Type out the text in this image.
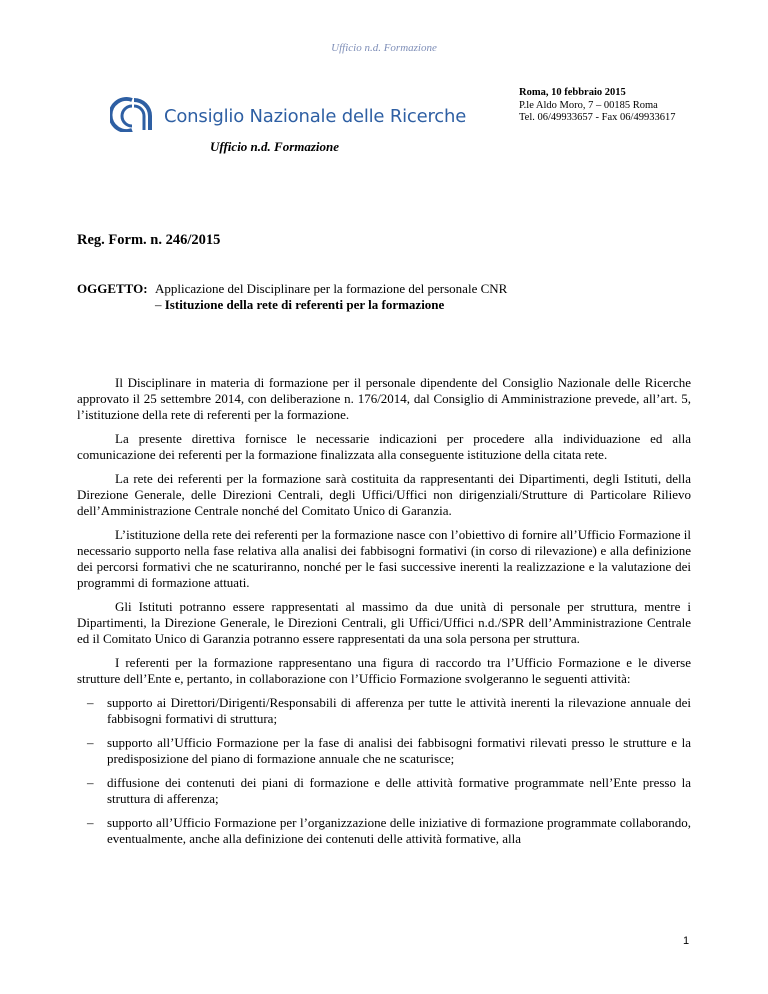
Ufficio n.d. Formazione
Consiglio Nazionale delle Ricerche
Ufficio n.d. Formazione
Roma, 10 febbraio 2015
P.le Aldo Moro, 7 – 00185 Roma
Tel. 06/49933657 - Fax 06/49933617
Reg. Form. n. 246/2015
OGGETTO: Applicazione del Disciplinare per la formazione del personale CNR – Istituzione della rete di referenti per la formazione

Il Disciplinare in materia di formazione per il personale dipendente del Consiglio Nazionale delle Ricerche approvato il 25 settembre 2014, con deliberazione n. 176/2014, dal Consiglio di Amministrazione prevede, all’art. 5, l’istituzione della rete di referenti per la formazione.

La presente direttiva fornisce le necessarie indicazioni per procedere alla individuazione ed alla comunicazione dei referenti per la formazione finalizzata alla conseguente istituzione della citata rete.

La rete dei referenti per la formazione sarà costituita da rappresentanti dei Dipartimenti, degli Istituti, della Direzione Generale, delle Direzioni Centrali, degli Uffici/Uffici non dirigenziali/Strutture di Particolare Rilievo dell’Amministrazione Centrale nonché del Comitato Unico di Garanzia.

L’istituzione della rete dei referenti per la formazione nasce con l’obiettivo di fornire all’Ufficio Formazione il necessario supporto nella fase relativa alla analisi dei fabbisogni formativi (in corso di rilevazione) e alla definizione dei percorsi formativi che ne scaturiranno, nonché per le fasi successive inerenti la realizzazione e la valutazione dei programmi di formazione attuati.

Gli Istituti potranno essere rappresentati al massimo da due unità di personale per struttura, mentre i Dipartimenti, la Direzione Generale, le Direzioni Centrali, gli Uffici/Uffici n.d./SPR dell’Amministrazione Centrale ed il Comitato Unico di Garanzia potranno essere rappresentati da una sola persona per struttura.

I referenti per la formazione rappresentano una figura di raccordo tra l’Ufficio Formazione e le diverse strutture dell’Ente e, pertanto, in collaborazione con l’Ufficio Formazione svolgeranno le seguenti attività:

– supporto ai Direttori/Dirigenti/Responsabili di afferenza per tutte le attività inerenti la rilevazione annuale dei fabbisogni formativi di struttura;
– supporto all’Ufficio Formazione per la fase di analisi dei fabbisogni formativi rilevati presso le strutture e la predisposizione del piano di formazione annuale che ne scaturisce;
– diffusione dei contenuti dei piani di formazione e delle attività formative programmate nell’Ente presso la struttura di afferenza;
– supporto all’Ufficio Formazione per l’organizzazione delle iniziative di formazione programmate collaborando, eventualmente, anche alla definizione dei contenuti delle attività formative, alla
1
